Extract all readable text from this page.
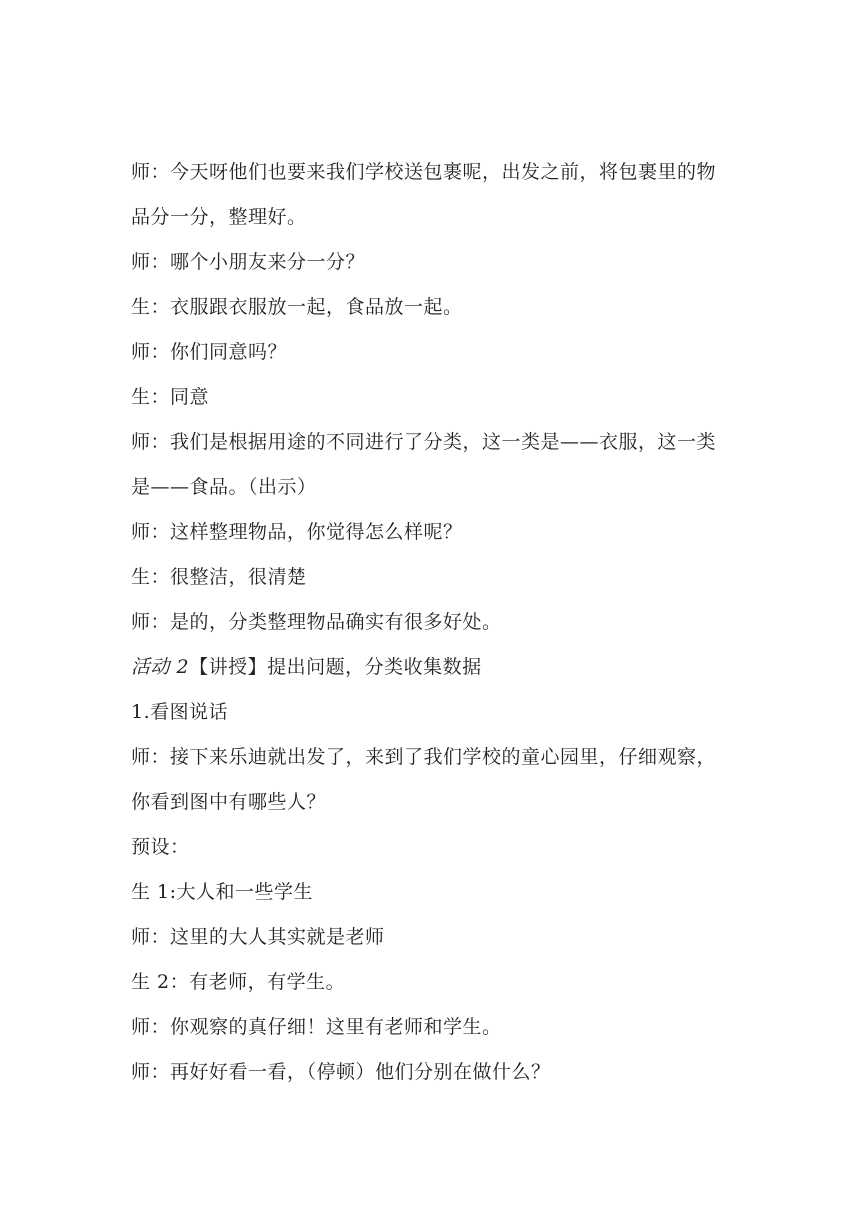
师：今天呀他们也要来我们学校送包裹呢，出发之前，将包裹里的物

品分一分，整理好。

师：哪个小朋友来分一分？

生：衣服跟衣服放一起，食品放一起。

师：你们同意吗？

生：同意

师：我们是根据用途的不同进行了分类，这一类是——衣服，这一类

是——食品。（出示）

师：这样整理物品，你觉得怎么样呢？

生：很整洁，很清楚

师：是的，分类整理物品确实有很多好处。

活动 2【讲授】提出问题，分类收集数据

1.看图说话

师：接下来乐迪就出发了，来到了我们学校的童心园里，仔细观察，

你看到图中有哪些人？

预设：

生 1:大人和一些学生

师：这里的大人其实就是老师

生 2：有老师，有学生。

师：你观察的真仔细！这里有老师和学生。

师：再好好看一看，（停顿）他们分别在做什么？
